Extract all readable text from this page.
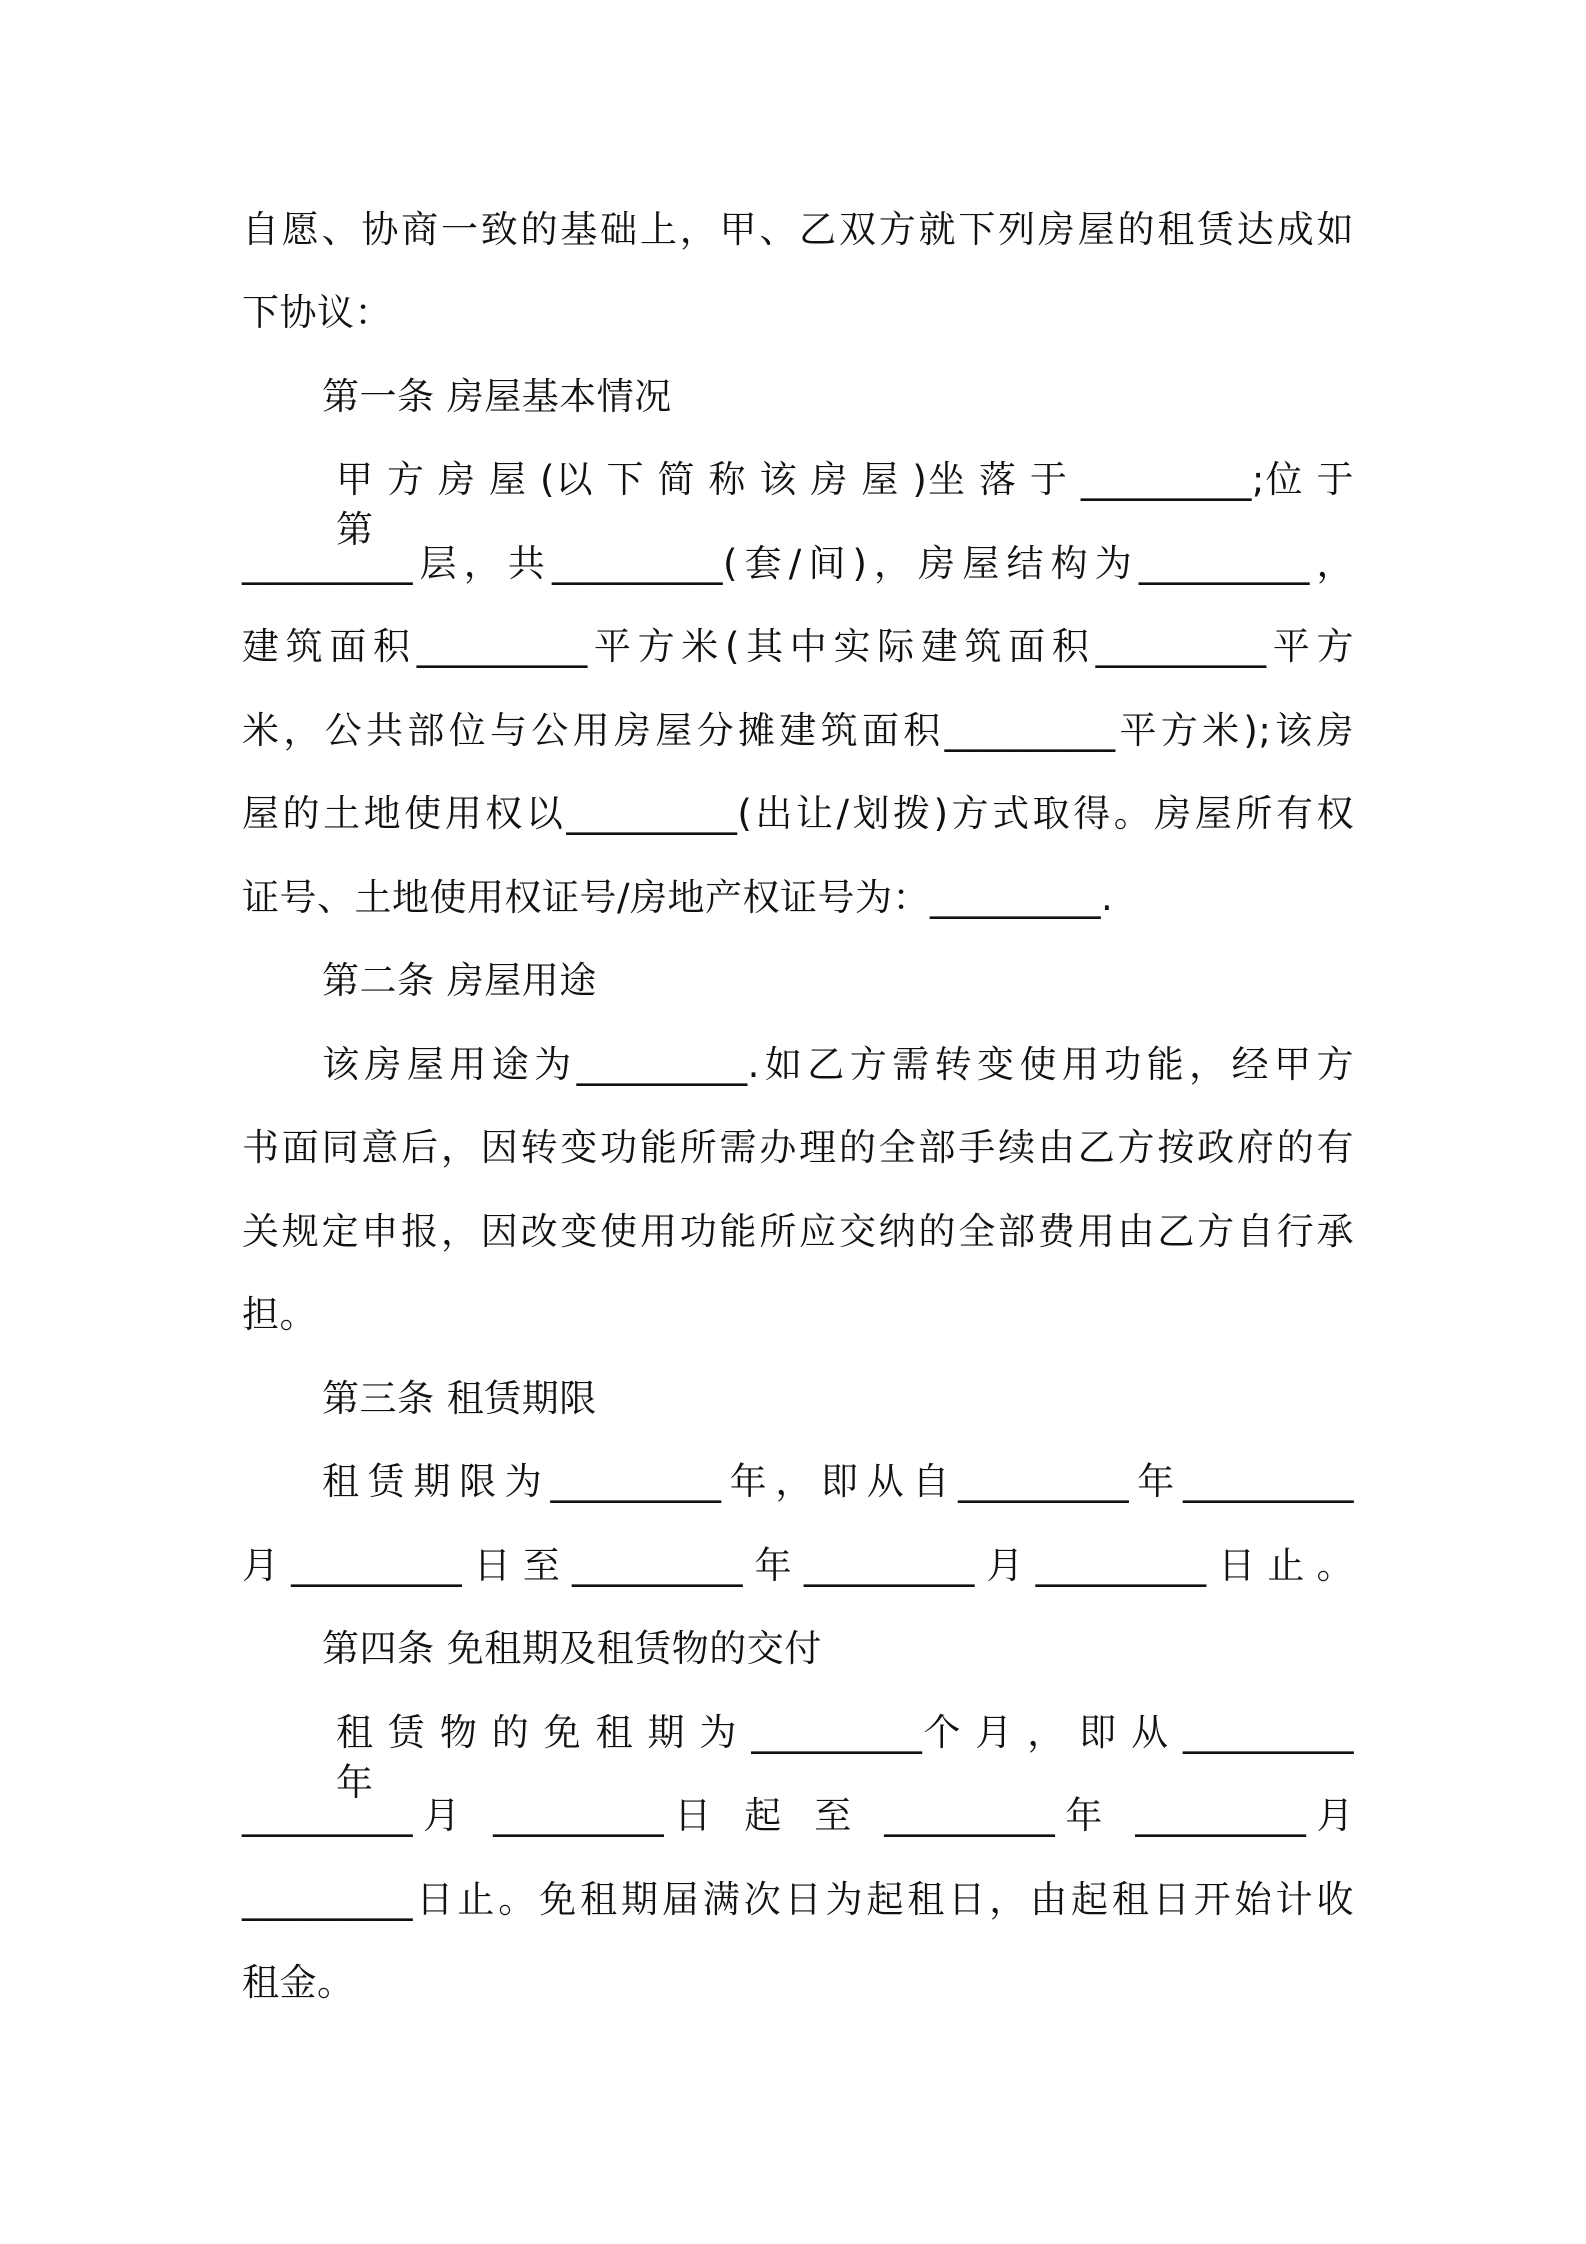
自愿、协商一致的基础上，甲、乙双方就下列房屋的租赁达成如
下协议：
第一条 房屋基本情况
甲 方 房 屋 (以 下 简 称 该 房 屋 )坐 落 于 _________;位 于 第
_________层，共_________(套/间)，房屋结构为_________，
建筑面积_________平方米(其中实际建筑面积_________平方
米，公共部位与公用房屋分摊建筑面积_________平方米);该房
屋的土地使用权以_________(出让/划拨)方式取得。房屋所有权
证号、土地使用权证号/房地产权证号为：_________.
第二条 房屋用途
该房屋用途为_________.如乙方需转变使用功能，经甲方
书面同意后，因转变功能所需办理的全部手续由乙方按政府的有
关规定申报，因改变使用功能所应交纳的全部费用由乙方自行承
担。
第三条 租赁期限
租赁期限为_________年，即从自_________年_________
月_________日至_________年_________月_________日止。
第四条 免租期及租赁物的交付
租 赁 物 的 免 租 期 为 _________个 月 ， 即 从 _________年
_________月 _________日 起 至 _________年 _________月
_________日止。免租期届满次日为起租日，由起租日开始计收
租金。
